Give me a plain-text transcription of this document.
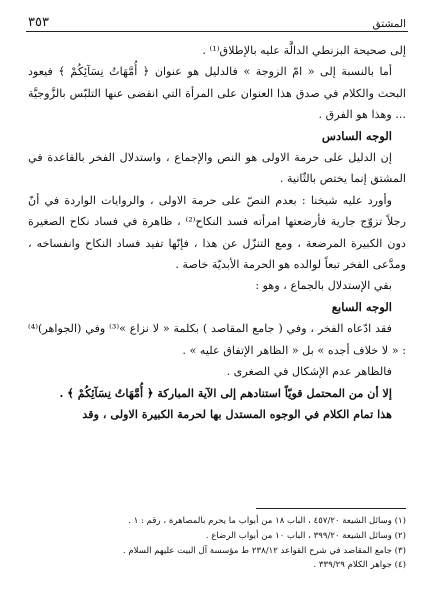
المشتق
٣٥٣

إلى صحيحة البزنطي الدالَّة عليه بالإطلاق⁽¹⁾ .

أما بالنسبة إلى « امّ الزوجة » فالدليل هو عنوان ﴿ أُمَّهَاتُ نِسَآئِكُمْ ﴾ فيعود البحث والكلام في صدق هذا العنوان على المرأة التي انقضى عنها التلبّس بالزَّوجيَّة ... وهذا هو الفرق .

الوجه السادس

إن الدليل على حرمة الاولى هو النص والإجماع ، واستدلال الفخر بالقاعدة في المشتق إنما يختص بالثّانية .

وأورد عليه شيخنا : بعدم النصّ على حرمة الاولى ، والروايات الواردة في أنّ رجلاً تزوّج جارية فأرضعتها امرأته فسد النكاح⁽²⁾ ، ظاهرة في فساد نكاح الصغيرة دون الكبيرة المرضعة ، ومع التنزّل عن هذا ، فإنّها تفيد فساد النكاح وانفساخه ، ومدَّعى الفخر تبعاً لوالده هو الحرمة الأبديّة خاصة .

بقي الإستدلال بالجماع ، وهو :

الوجه السابع

فقد ادّعاه الفخر ، وفي ( جامع المقاصد ) بكلمة « لا نزاع »⁽³⁾ وفي (الجواهر)⁽⁴⁾ : « لا خلاف أجده » بل « الظاهر الإتفاق عليه » .

فالظاهر عدم الإشكال في الصغرى .

إلا أن من المحتمل قويّاً استنادهم إلى الآية المباركة ﴿ أُمَّهَاتُ نِسَآئِكُمْ ﴾ .

هذا تمام الكلام في الوجوه المستدل بها لحرمة الكبيرة الاولى ، وقد

(١) وسائل الشيعة ٤٥٧/٢٠ ، الباب ١٨ من أبواب ما يحرم بالمصاهرة ، رقم : ١ .
(٢) وسائل الشيعة ٣٩٩/٢٠ ، الباب ١٠ من أبواب الرضاع .
(٣) جامع المقاصد في شرح القواعد ٢٣٨/١٢ ط مؤسسة آل البيت عليهم السلام .
(٤) جواهر الكلام ٣٣٩/٢٩ .
